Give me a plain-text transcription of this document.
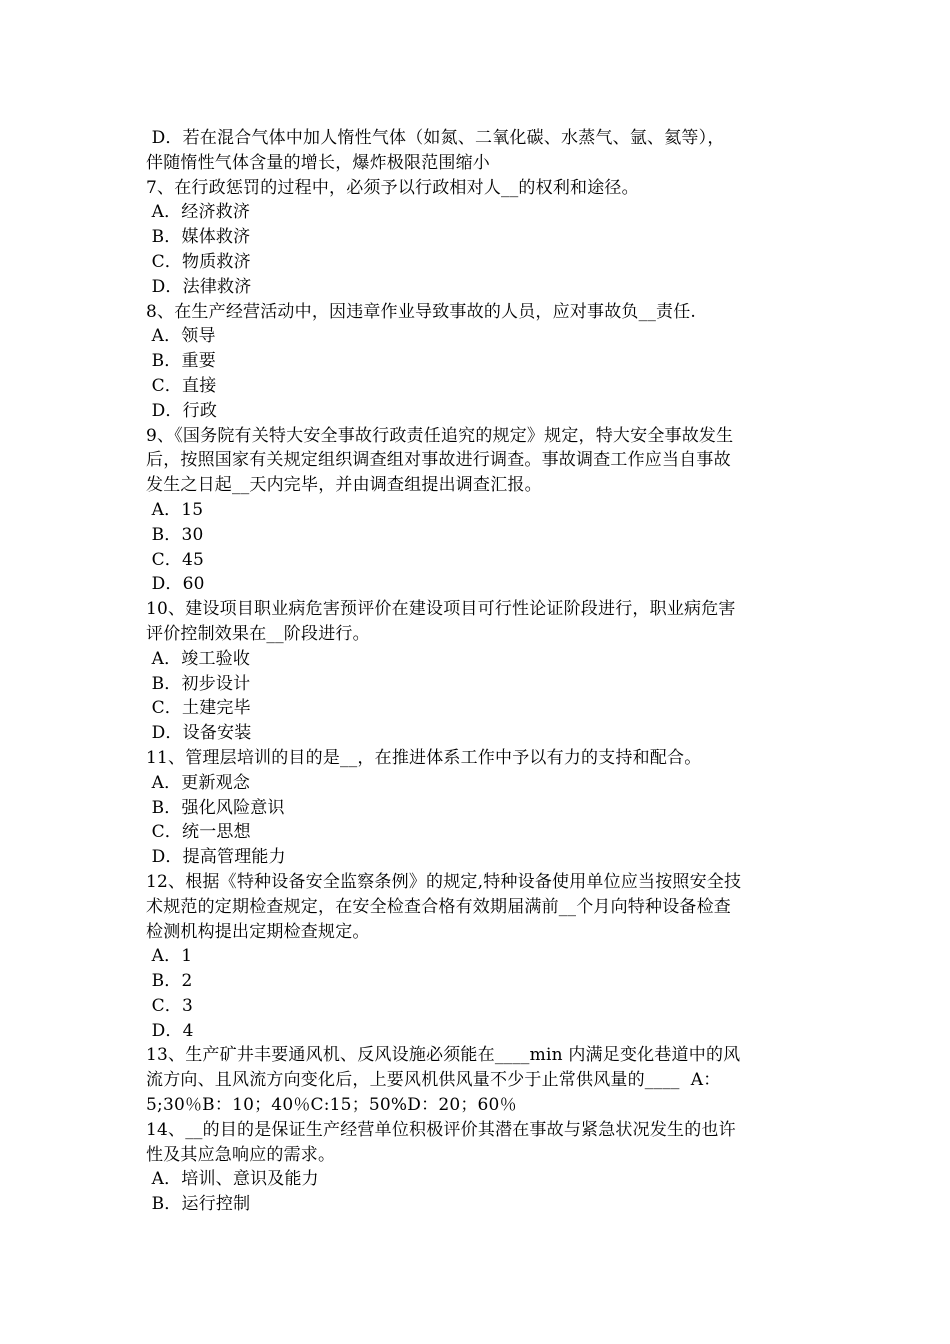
D．若在混合气体中加人惰性气体（如氮、二氧化碳、水蒸气、氩、氦等），
伴随惰性气体含量的增长，爆炸极限范围缩小
7、在行政惩罚的过程中，必须予以行政相对人__的权利和途径。
A．经济救济
B．媒体救济
C．物质救济
D．法律救济
8、在生产经营活动中，因违章作业导致事故的人员，应对事故负__责任.
A．领导
B．重要
C．直接
D．行政
9、《国务院有关特大安全事故行政责任追究的规定》规定，特大安全事故发生
后，按照国家有关规定组织调查组对事故进行调查。事故调查工作应当自事故
发生之日起__天内完毕，并由调查组提出调查汇报。
A．15
B．30
C．45
D．60
10、建设项目职业病危害预评价在建设项目可行性论证阶段进行，职业病危害
评价控制效果在__阶段进行。
A．竣工验收
B．初步设计
C．土建完毕
D．设备安装
11、管理层培训的目的是__，在推进体系工作中予以有力的支持和配合。
A．更新观念
B．强化风险意识
C．统一思想
D．提高管理能力
12、根据《特种设备安全监察条例》的规定,特种设备使用单位应当按照安全技
术规范的定期检查规定，在安全检查合格有效期届满前__个月向特种设备检查
检测机构提出定期检查规定。
A．1
B．2
C．3
D．4
13、生产矿井丰要通风机、反风设施必须能在____min 内满足变化巷道中的风
流方向、且风流方向变化后，上要风机供风量不少于止常供风量的____  A：
5;30％B：10；40％C:15；50%D：20；60％
14、__的目的是保证生产经营单位积极评价其潜在事故与紧急状况发生的也许
性及其应急响应的需求。
A．培训、意识及能力
B．运行控制
